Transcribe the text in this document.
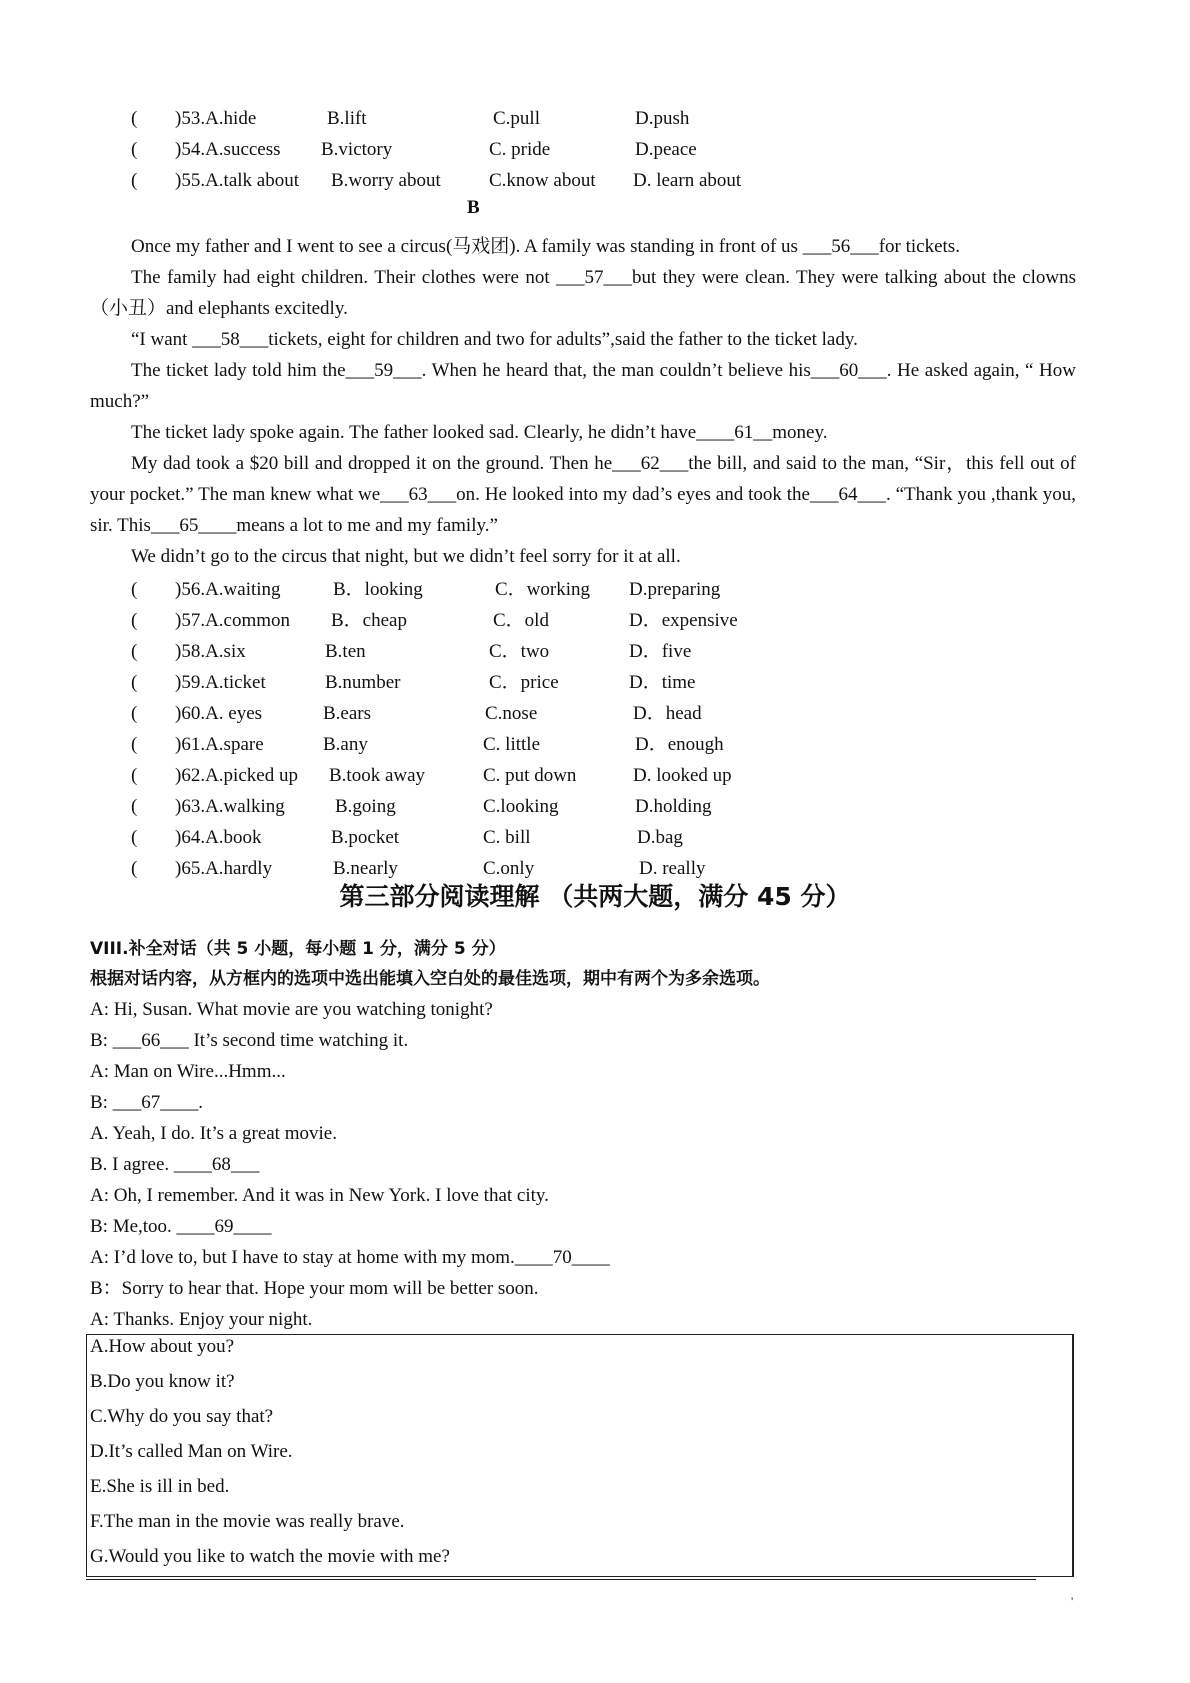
( )53.A.hide	B.lift	C.pull	D.push
( )54.A.success B.victory	C. pride	D.peace
( )55.A.talk about B.worry about	C.know about D. learn about
B
Once my father and I went to see a circus(马戏团). A family was standing in front of us ___56___for tickets.
The family had eight children. Their clothes were not ___57___but they were clean. They were talking about the clowns（小丑）and elephants excitedly.
“I want ___58___tickets, eight for children and two for adults”,said the father to the ticket lady.
The ticket lady told him the___59___. When he heard that, the man couldn’t believe his___60___. He asked again, “ How much?”
The ticket lady spoke again. The father looked sad. Clearly, he didn’t have____61__money.
My dad took a $20 bill and dropped it on the ground. Then he___62___the bill, and said to the man, “Sir，this fell out of your pocket.” The man knew what we___63___on. He looked into my dad’s eyes and took the___64___. “Thank you ,thank you, sir. This___65____means a lot to me and my family.”
We didn’t go to the circus that night, but we didn’t feel sorry for it at all.
( )56.A.waiting	B．looking	C．working D.preparing
( )57.A.common B．cheap	C．old	D．expensive
( )58.A.six	B.ten	C．two	D．five
( )59.A.ticket	B.number	C．price	D．time
( )60.A. eyes	B.ears	C.nose	D．head
( )61.A.spare	B.any	C. little	D．enough
( )62.A.picked up B.took away	C. put down	D. looked up
( )63.A.walking	B.going	C.looking	D.holding
( )64.A.book	B.pocket	C. bill	D.bag
( )65.A.hardly	B.nearly	C.only	D. really
第三部分阅读理解 （共两大题，满分 45 分）
VIII.补全对话（共 5 小题，每小题 1 分，满分 5 分）
根据对话内容，从方框内的选项中选出能填入空白处的最佳选项，期中有两个为多余选项。
A: Hi, Susan. What movie are you watching tonight?
B: ___66___ It’s second time watching it.
A: Man on Wire...Hmm...
B: ___67____.
A. Yeah, I do. It’s a great movie.
B. I agree. ____68___
A: Oh, I remember. And it was in New York. I love that city.
B: Me,too. ____69____
A: I’d love to, but I have to stay at home with my mom.____70____
B：Sorry to hear that. Hope your mom will be better soon.
A: Thanks. Enjoy your night.
A.How about you?
B.Do you know it?
C.Why do you say that?
D.It’s called Man on Wire.
E.She is ill in bed.
F.The man in the movie was really brave.
G.Would you like to watch the movie with me?
'
